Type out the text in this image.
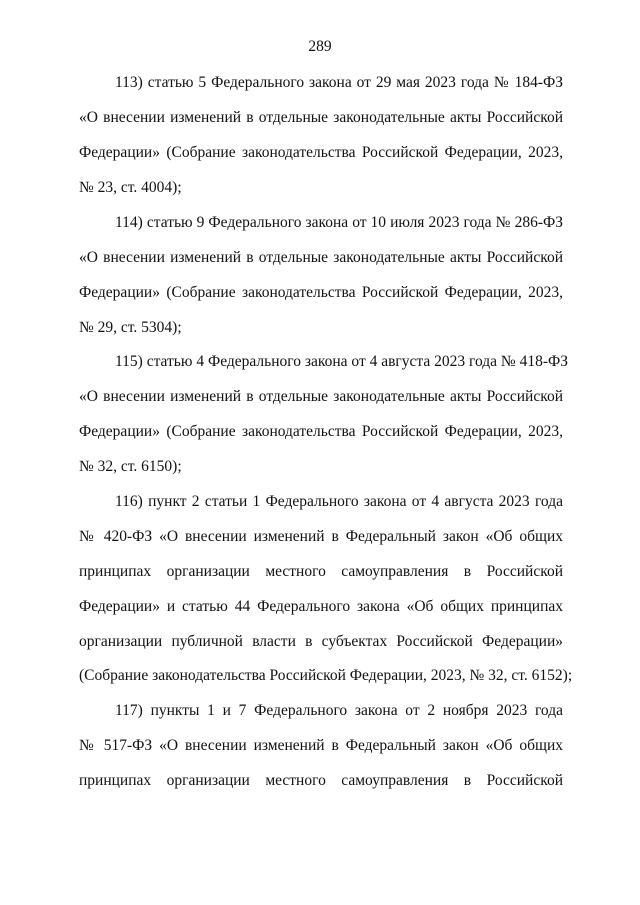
289
113) статью 5 Федерального закона от 29 мая 2023 года № 184-ФЗ
«О внесении изменений в отдельные законодательные акты Российской
Федерации» (Собрание законодательства Российской Федерации, 2023,
№ 23, ст. 4004);
114) статью 9 Федерального закона от 10 июля 2023 года № 286-ФЗ
«О внесении изменений в отдельные законодательные акты Российской
Федерации» (Собрание законодательства Российской Федерации, 2023,
№ 29, ст. 5304);
115) статью 4 Федерального закона от 4 августа 2023 года № 418-ФЗ
«О внесении изменений в отдельные законодательные акты Российской
Федерации» (Собрание законодательства Российской Федерации, 2023,
№ 32, ст. 6150);
116) пункт 2 статьи 1 Федерального закона от 4 августа 2023 года
№ 420-ФЗ «О внесении изменений в Федеральный закон «Об общих
принципах организации местного самоуправления в Российской
Федерации» и статью 44 Федерального закона «Об общих принципах
организации публичной власти в субъектах Российской Федерации»
(Собрание законодательства Российской Федерации, 2023, № 32, ст. 6152);
117) пункты 1 и 7 Федерального закона от 2 ноября 2023 года
№ 517-ФЗ «О внесении изменений в Федеральный закон «Об общих
принципах организации местного самоуправления в Российской
